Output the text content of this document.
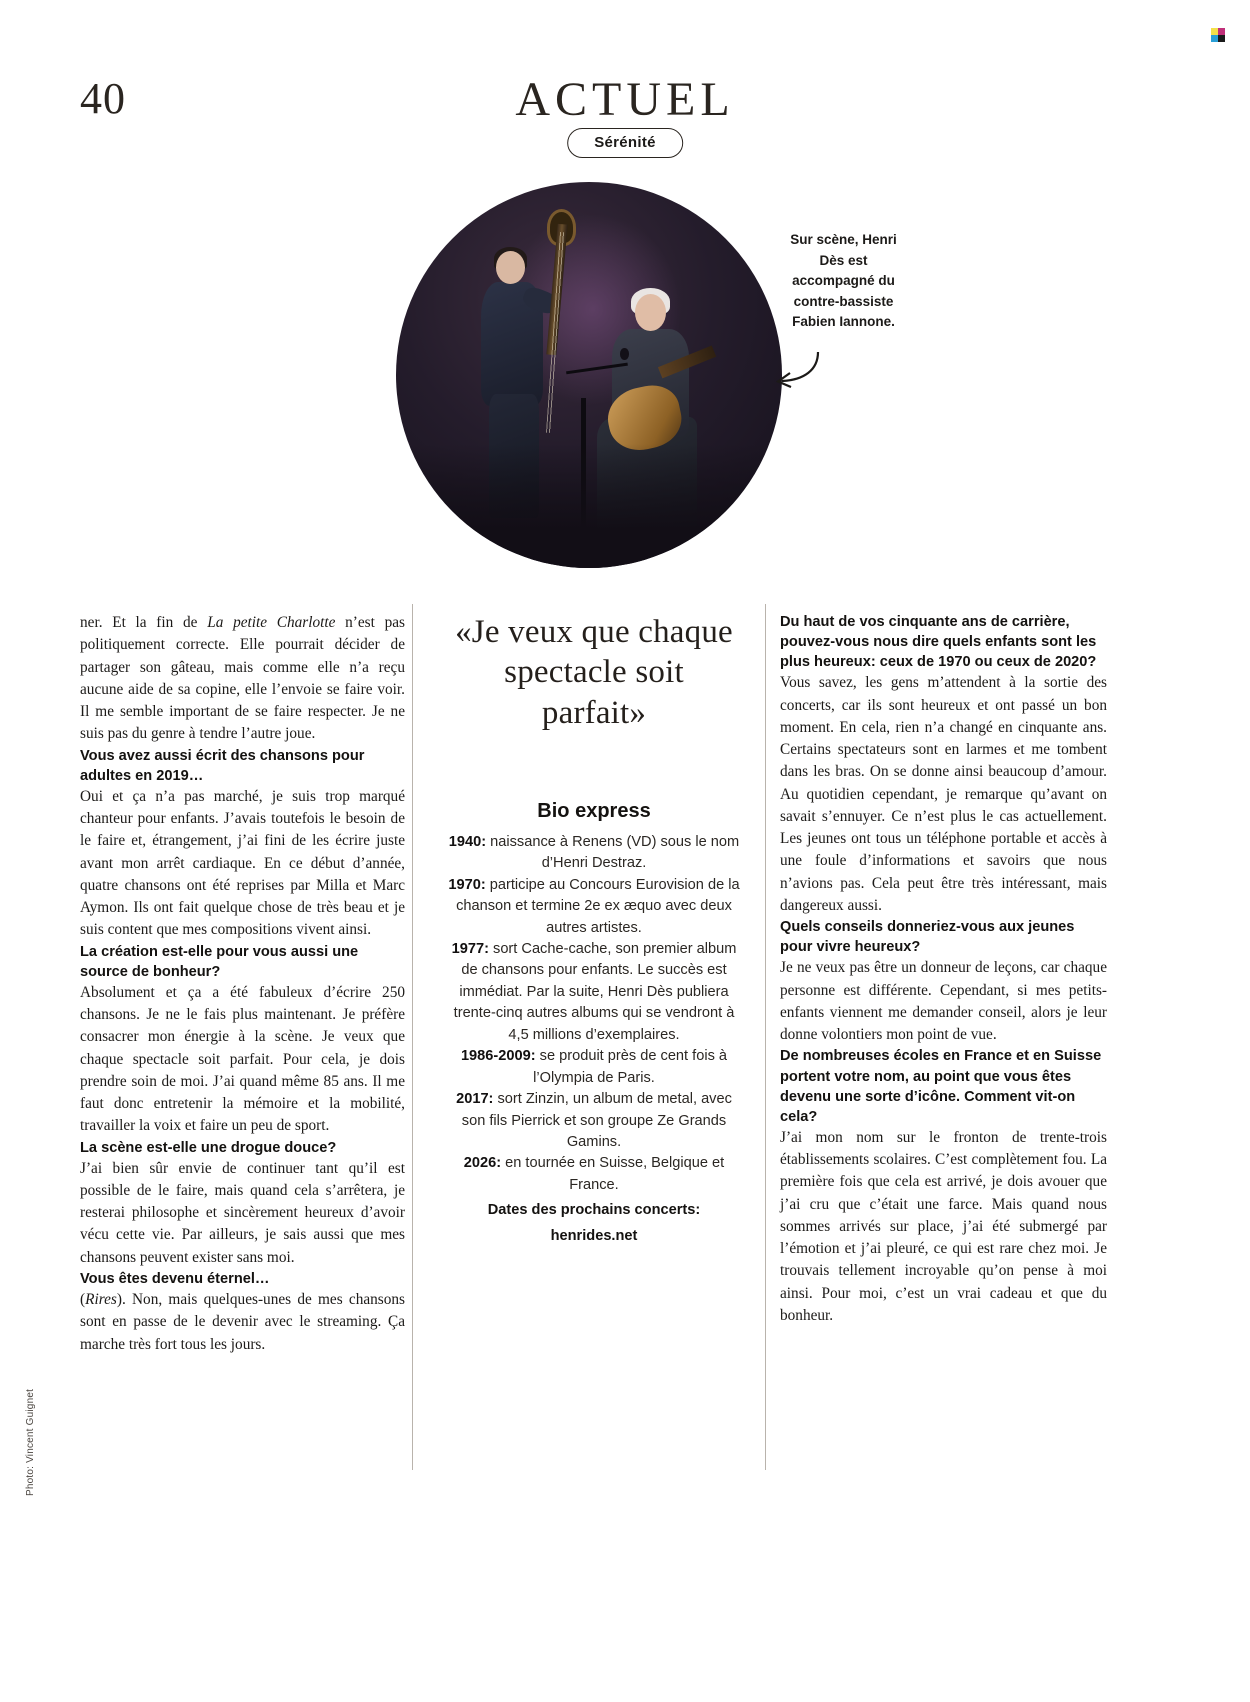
40	ACTUEL
Sérénité
Sur scène, Henri Dès est accompagné du contre-bassiste Fabien Iannone.

ner. Et la fin de La petite Charlotte n’est pas politiquement correcte. Elle pourrait décider de partager son gâteau, mais comme elle n’a reçu aucune aide de sa copine, elle l’envoie se faire voir. Il me semble important de se faire respecter. Je ne suis pas du genre à tendre l’autre joue.

Vous avez aussi écrit des chansons pour adultes en 2019…

Oui et ça n’a pas marché, je suis trop marqué chanteur pour enfants. J’avais toutefois le besoin de le faire et, étrangement, j’ai fini de les écrire juste avant mon arrêt cardiaque. En ce début d’année, quatre chansons ont été reprises par Milla et Marc Aymon. Ils ont fait quelque chose de très beau et je suis content que mes compositions vivent ainsi.

La création est-elle pour vous aussi une source de bonheur?

Absolument et ça a été fabuleux d’écrire 250 chansons. Je ne le fais plus maintenant. Je préfère consacrer mon énergie à la scène. Je veux que chaque spectacle soit parfait. Pour cela, je dois prendre soin de moi. J’ai quand même 85 ans. Il me faut donc entretenir la mémoire et la mobilité, travailler la voix et faire un peu de sport.

La scène est-elle une drogue douce?

J’ai bien sûr envie de continuer tant qu’il est possible de le faire, mais quand cela s’arrêtera, je resterai philosophe et sincèrement heureux d’avoir vécu cette vie. Par ailleurs, je sais aussi que mes chansons peuvent exister sans moi.

Vous êtes devenu éternel…

(Rires). Non, mais quelques-unes de mes chansons sont en passe de le devenir avec le streaming. Ça marche très fort tous les jours.

«Je veux que chaque spectacle soit parfait»
Bio express

1940: naissance à Renens (VD) sous le nom d’Henri Destraz.

1970: participe au Concours Eurovision de la chanson et termine 2e ex æquo avec deux autres artistes.

1977: sort Cache-cache, son premier album de chansons pour enfants. Le succès est immédiat. Par la suite, Henri Dès publiera trente-cinq autres albums qui se vendront à 4,5 millions d’exemplaires.

1986-2009: se produit près de cent fois à l’Olympia de Paris.

2017: sort Zinzin, un album de metal, avec son fils Pierrick et son groupe Ze Grands Gamins.

2026: en tournée en Suisse, Belgique et France.

Dates des prochains concerts:
henrides.net

Du haut de vos cinquante ans de carrière, pouvez-vous nous dire quels enfants sont les plus heureux: ceux de 1970 ou ceux de 2020?

Vous savez, les gens m’attendent à la sortie des concerts, car ils sont heureux et ont passé un bon moment. En cela, rien n’a changé en cinquante ans. Certains spectateurs sont en larmes et me tombent dans les bras. On se donne ainsi beaucoup d’amour. Au quotidien cependant, je remarque qu’avant on savait s’ennuyer. Ce n’est plus le cas actuellement. Les jeunes ont tous un téléphone portable et accès à une foule d’informations et savoirs que nous n’avions pas. Cela peut être très intéressant, mais dangereux aussi.

Quels conseils donneriez-vous aux jeunes pour vivre heureux?

Je ne veux pas être un donneur de leçons, car chaque personne est différente. Cependant, si mes petits-enfants viennent me demander conseil, alors je leur donne volontiers mon point de vue.

De nombreuses écoles en France et en Suisse portent votre nom, au point que vous êtes devenu une sorte d’icône. Comment vit-on cela?

J’ai mon nom sur le fronton de trente-trois établissements scolaires. C’est complètement fou. La première fois que cela est arrivé, je dois avouer que j’ai cru que c’était une farce. Mais quand nous sommes arrivés sur place, j’ai été submergé par l’émotion et j’ai pleuré, ce qui est rare chez moi. Je trouvais tellement incroyable qu’on pense à moi ainsi. Pour moi, c’est un vrai cadeau et que du bonheur.

Photo: Vincent Guignet
